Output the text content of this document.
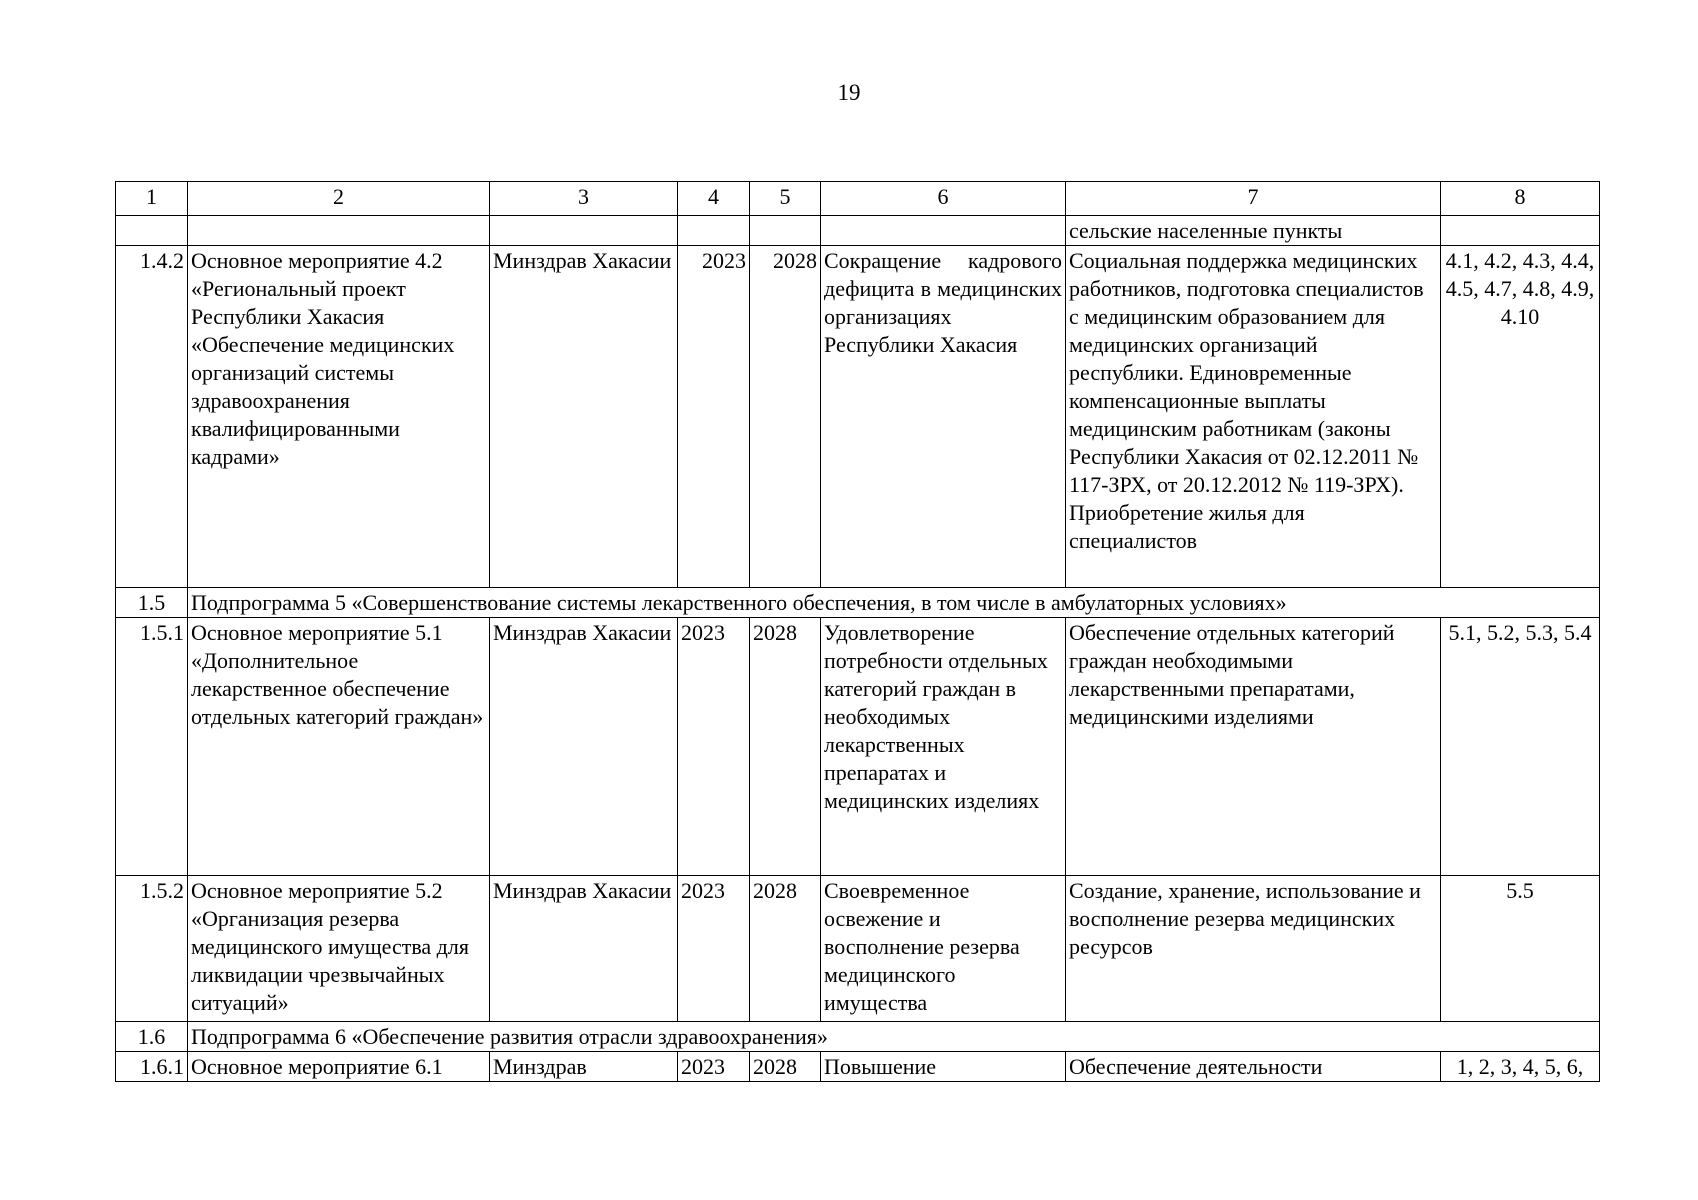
19
1	2	3	4	5	6	7	8
						сельские населенные пункты	
1.4.2	Основное мероприятие 4.2 «Региональный проект Республики Хакасия «Обеспечение медицинских организаций системы здравоохранения квалифицированными кадрами»	Минздрав Хакасии	2023	2028	Сокращение кадрового дефицита в медицинских организациях Республики Хакасия	Социальная поддержка медицинских работников, подготовка специалистов с медицинским образованием для медицинских организаций республики. Единовременные компенсационные выплаты медицинским работникам (законы Республики Хакасия от 02.12.2011 № 117-ЗРХ, от 20.12.2012 № 119-ЗРХ). Приобретение жилья для специалистов	4.1, 4.2, 4.3, 4.4, 4.5, 4.7, 4.8, 4.9, 4.10
1.5	Подпрограмма 5 «Совершенствование системы лекарственного обеспечения, в том числе в амбулаторных условиях»						
1.5.1	Основное мероприятие 5.1 «Дополнительное лекарственное обеспечение отдельных категорий граждан»	Минздрав Хакасии	2023	2028	Удовлетворение потребности отдельных категорий граждан в необходимых лекарственных препаратах и медицинских изделиях	Обеспечение отдельных категорий граждан необходимыми лекарственными препаратами, медицинскими изделиями	5.1, 5.2, 5.3, 5.4
1.5.2	Основное мероприятие 5.2 «Организация резерва медицинского имущества для ликвидации чрезвычайных ситуаций»	Минздрав Хакасии	2023	2028	Своевременное освежение и восполнение резерва медицинского имущества	Создание, хранение, использование и восполнение резерва медицинских ресурсов	5.5
1.6	Подпрограмма 6 «Обеспечение развития отрасли здравоохранения»						
1.6.1	Основное мероприятие 6.1	Минздрав	2023	2028	Повышение	Обеспечение деятельности	1, 2, 3, 4, 5, 6,
